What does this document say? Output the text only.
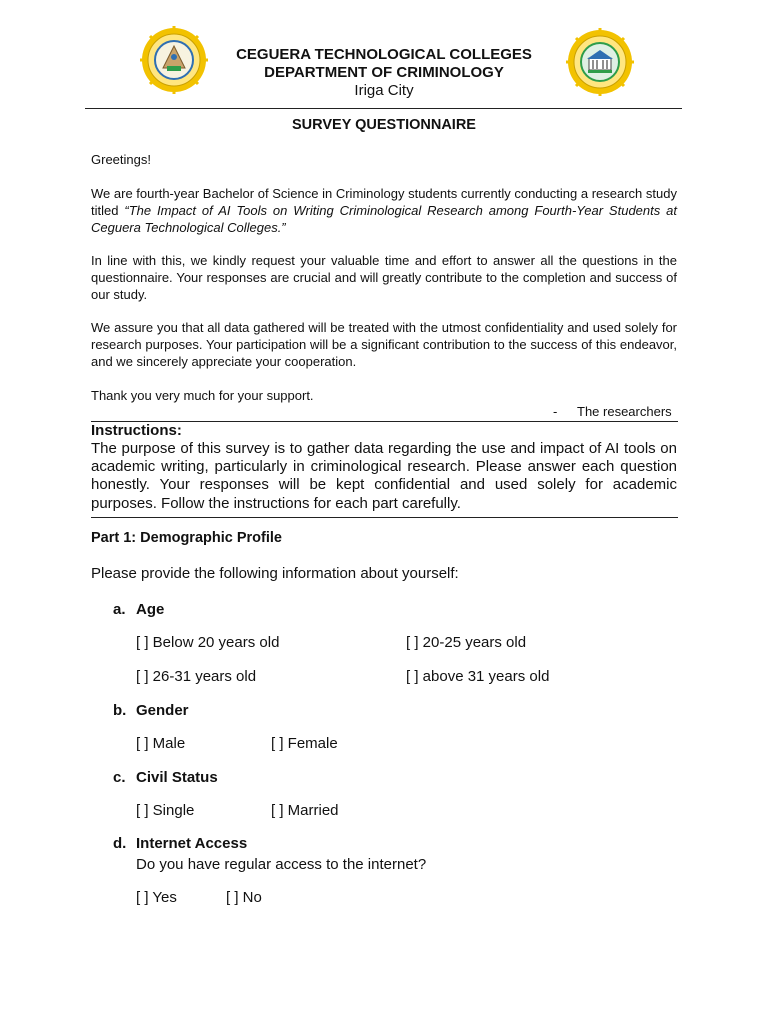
CEGUERA TECHNOLOGICAL COLLEGES
DEPARTMENT OF CRIMINOLOGY
Iriga City
SURVEY QUESTIONNAIRE

Greetings!

We are fourth-year Bachelor of Science in Criminology students currently conducting a research study titled “The Impact of AI Tools on Writing Criminological Research among Fourth-Year Students at Ceguera Technological Colleges.”

In line with this, we kindly request your valuable time and effort to answer all the questions in the questionnaire. Your responses are crucial and will greatly contribute to the completion and success of our study.

We assure you that all data gathered will be treated with the utmost confidentiality and used solely for research purposes. Your participation will be a significant contribution to the success of this endeavor, and we sincerely appreciate your cooperation.

Thank you very much for your support.

- The researchers
Instructions:

The purpose of this survey is to gather data regarding the use and impact of AI tools on academic writing, particularly in criminological research. Please answer each question honestly. Your responses will be kept confidential and used solely for academic purposes. Follow the instructions for each part carefully.

Part 1: Demographic Profile
Please provide the following information about yourself:
a. Age
[ ] Below 20 years old	[ ] 20-25 years old
[ ] 26-31 years old	[ ] above 31 years old
b. Gender
[ ] Male	[ ] Female
c. Civil Status
[ ] Single	[ ] Married
d. Internet Access
Do you have regular access to the internet?
[ ] Yes	[ ] No
